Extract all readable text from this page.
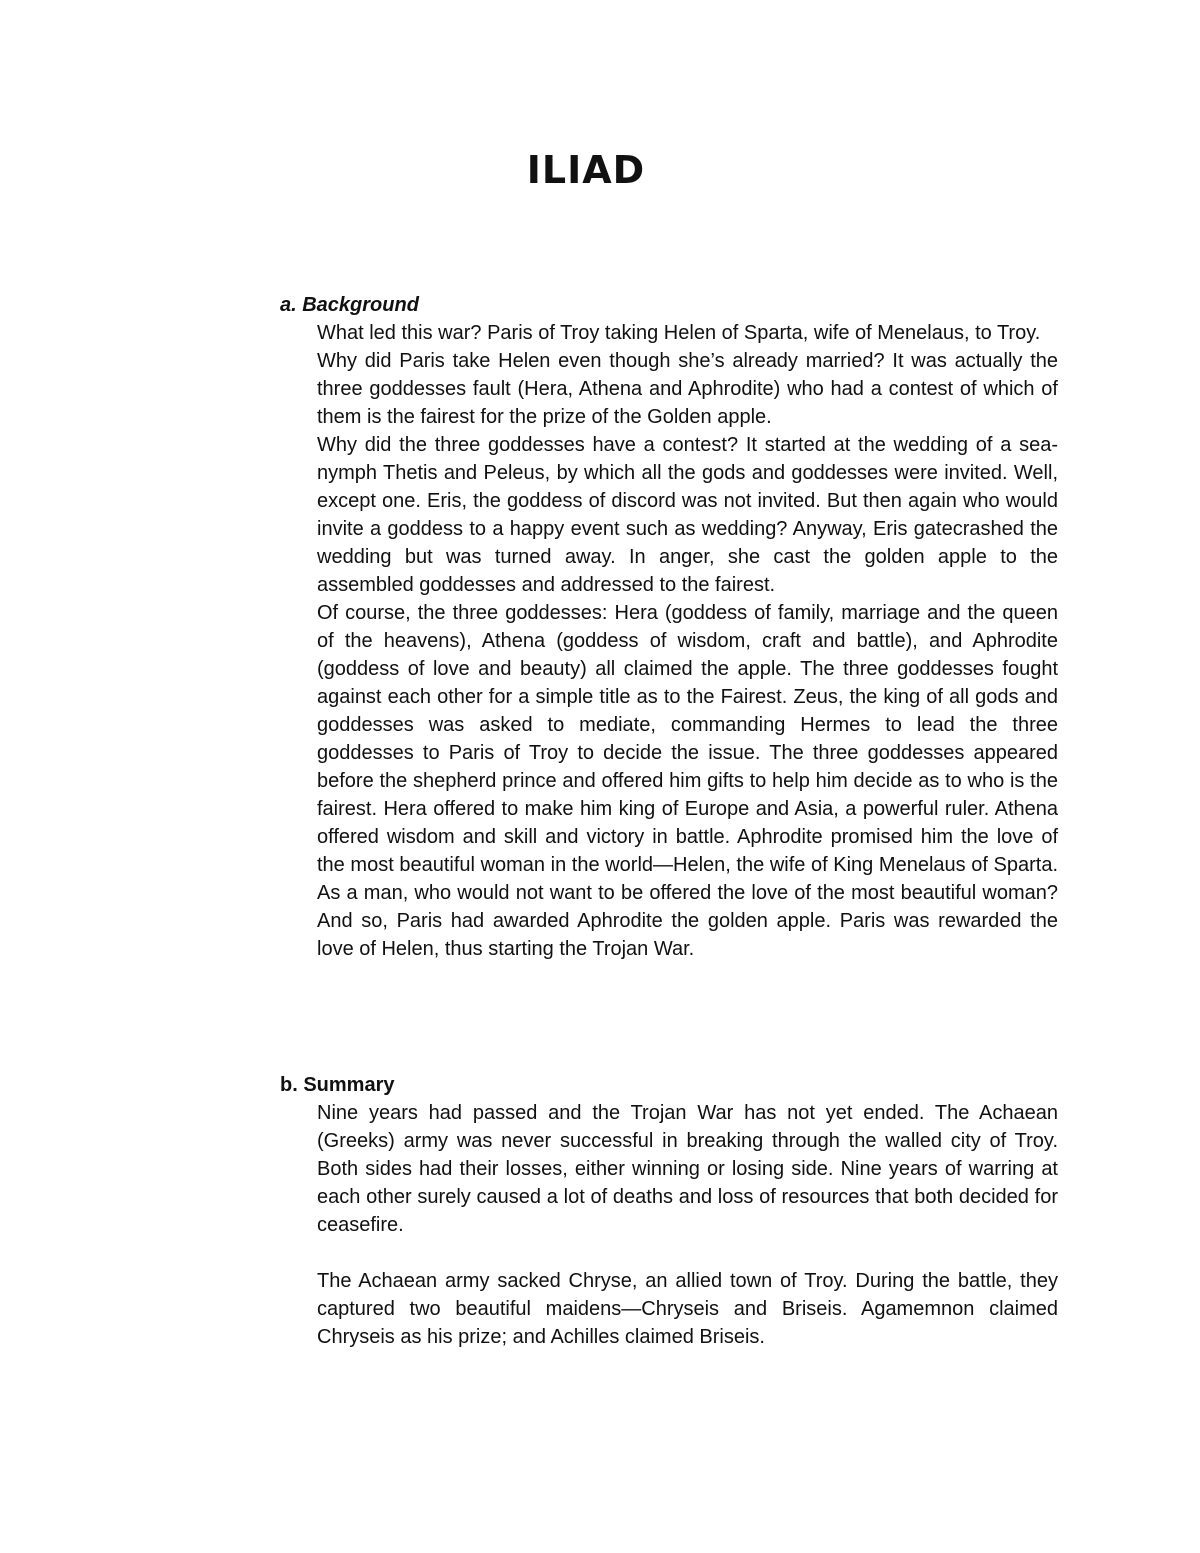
ILIAD
a. Background

What led this war? Paris of Troy taking Helen of Sparta, wife of Menelaus, to Troy.

Why did Paris take Helen even though she’s already married? It was actually the three goddesses fault (Hera, Athena and Aphrodite) who had a contest of which of them is the fairest for the prize of the Golden apple.

Why did the three goddesses have a contest? It started at the wedding of a sea-nymph Thetis and Peleus, by which all the gods and goddesses were invited. Well, except one. Eris, the goddess of discord was not invited. But then again who would invite a goddess to a happy event such as wedding? Anyway, Eris gatecrashed the wedding but was turned away. In anger, she cast the golden apple to the assembled goddesses and addressed to the fairest.

Of course, the three goddesses: Hera (goddess of family, marriage and the queen of the heavens), Athena (goddess of wisdom, craft and battle), and Aphrodite (goddess of love and beauty) all claimed the apple. The three goddesses fought against each other for a simple title as to the Fairest. Zeus, the king of all gods and goddesses was asked to mediate, commanding Hermes to lead the three goddesses to Paris of Troy to decide the issue. The three goddesses appeared before the shepherd prince and offered him gifts to help him decide as to who is the fairest. Hera offered to make him king of Europe and Asia, a powerful ruler. Athena offered wisdom and skill and victory in battle. Aphrodite promised him the love of the most beautiful woman in the world—Helen, the wife of King Menelaus of Sparta. As a man, who would not want to be offered the love of the most beautiful woman? And so, Paris had awarded Aphrodite the golden apple. Paris was rewarded the love of Helen, thus starting the Trojan War.

b. Summary

Nine years had passed and the Trojan War has not yet ended. The Achaean (Greeks) army was never successful in breaking through the walled city of Troy. Both sides had their losses, either winning or losing side. Nine years of warring at each other surely caused a lot of deaths and loss of resources that both decided for ceasefire.

The Achaean army sacked Chryse, an allied town of Troy. During the battle, they captured two beautiful maidens—Chryseis and Briseis. Agamemnon claimed Chryseis as his prize; and Achilles claimed Briseis.
